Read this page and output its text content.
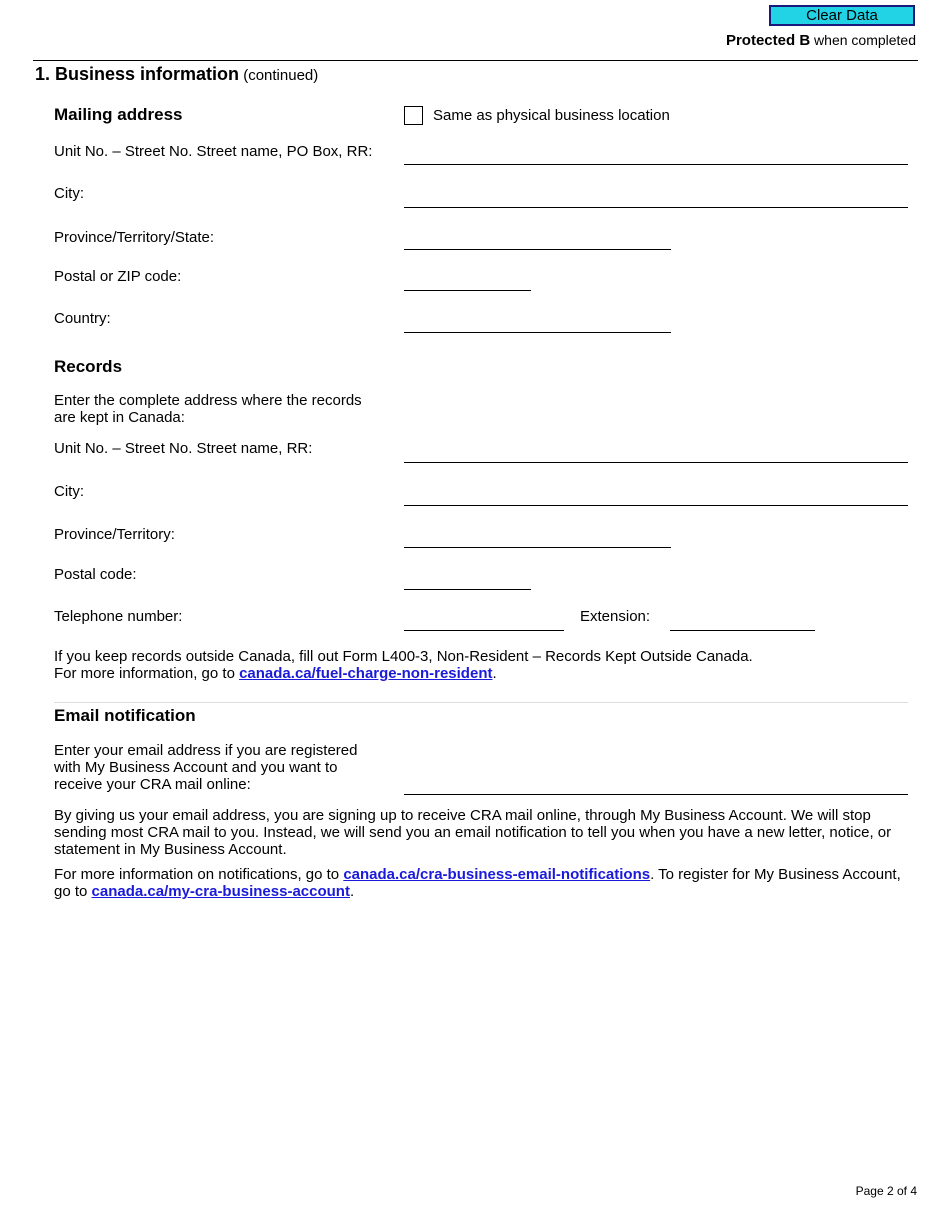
Clear Data
Protected B when completed
1. Business information (continued)
Mailing address	Same as physical business location
Unit No. – Street No. Street name, PO Box, RR:
City:
Province/Territory/State:
Postal or ZIP code:
Country:
Records
Enter the complete address where the records
are kept in Canada:
Unit No. – Street No. Street name, RR:
City:
Province/Territory:
Postal code:
Telephone number:	Extension:
If you keep records outside Canada, fill out Form L400-3, Non-Resident – Records Kept Outside Canada.
For more information, go to canada.ca/fuel-charge-non-resident.
Email notification
Enter your email address if you are registered
with My Business Account and you want to
receive your CRA mail online:
By giving us your email address, you are signing up to receive CRA mail online, through My Business Account. We will stop sending most CRA mail to you. Instead, we will send you an email notification to tell you when you have a new letter, notice, or statement in My Business Account.
For more information on notifications, go to canada.ca/cra-business-email-notifications. To register for My Business Account, go to canada.ca/my-cra-business-account.
Page 2 of 4
